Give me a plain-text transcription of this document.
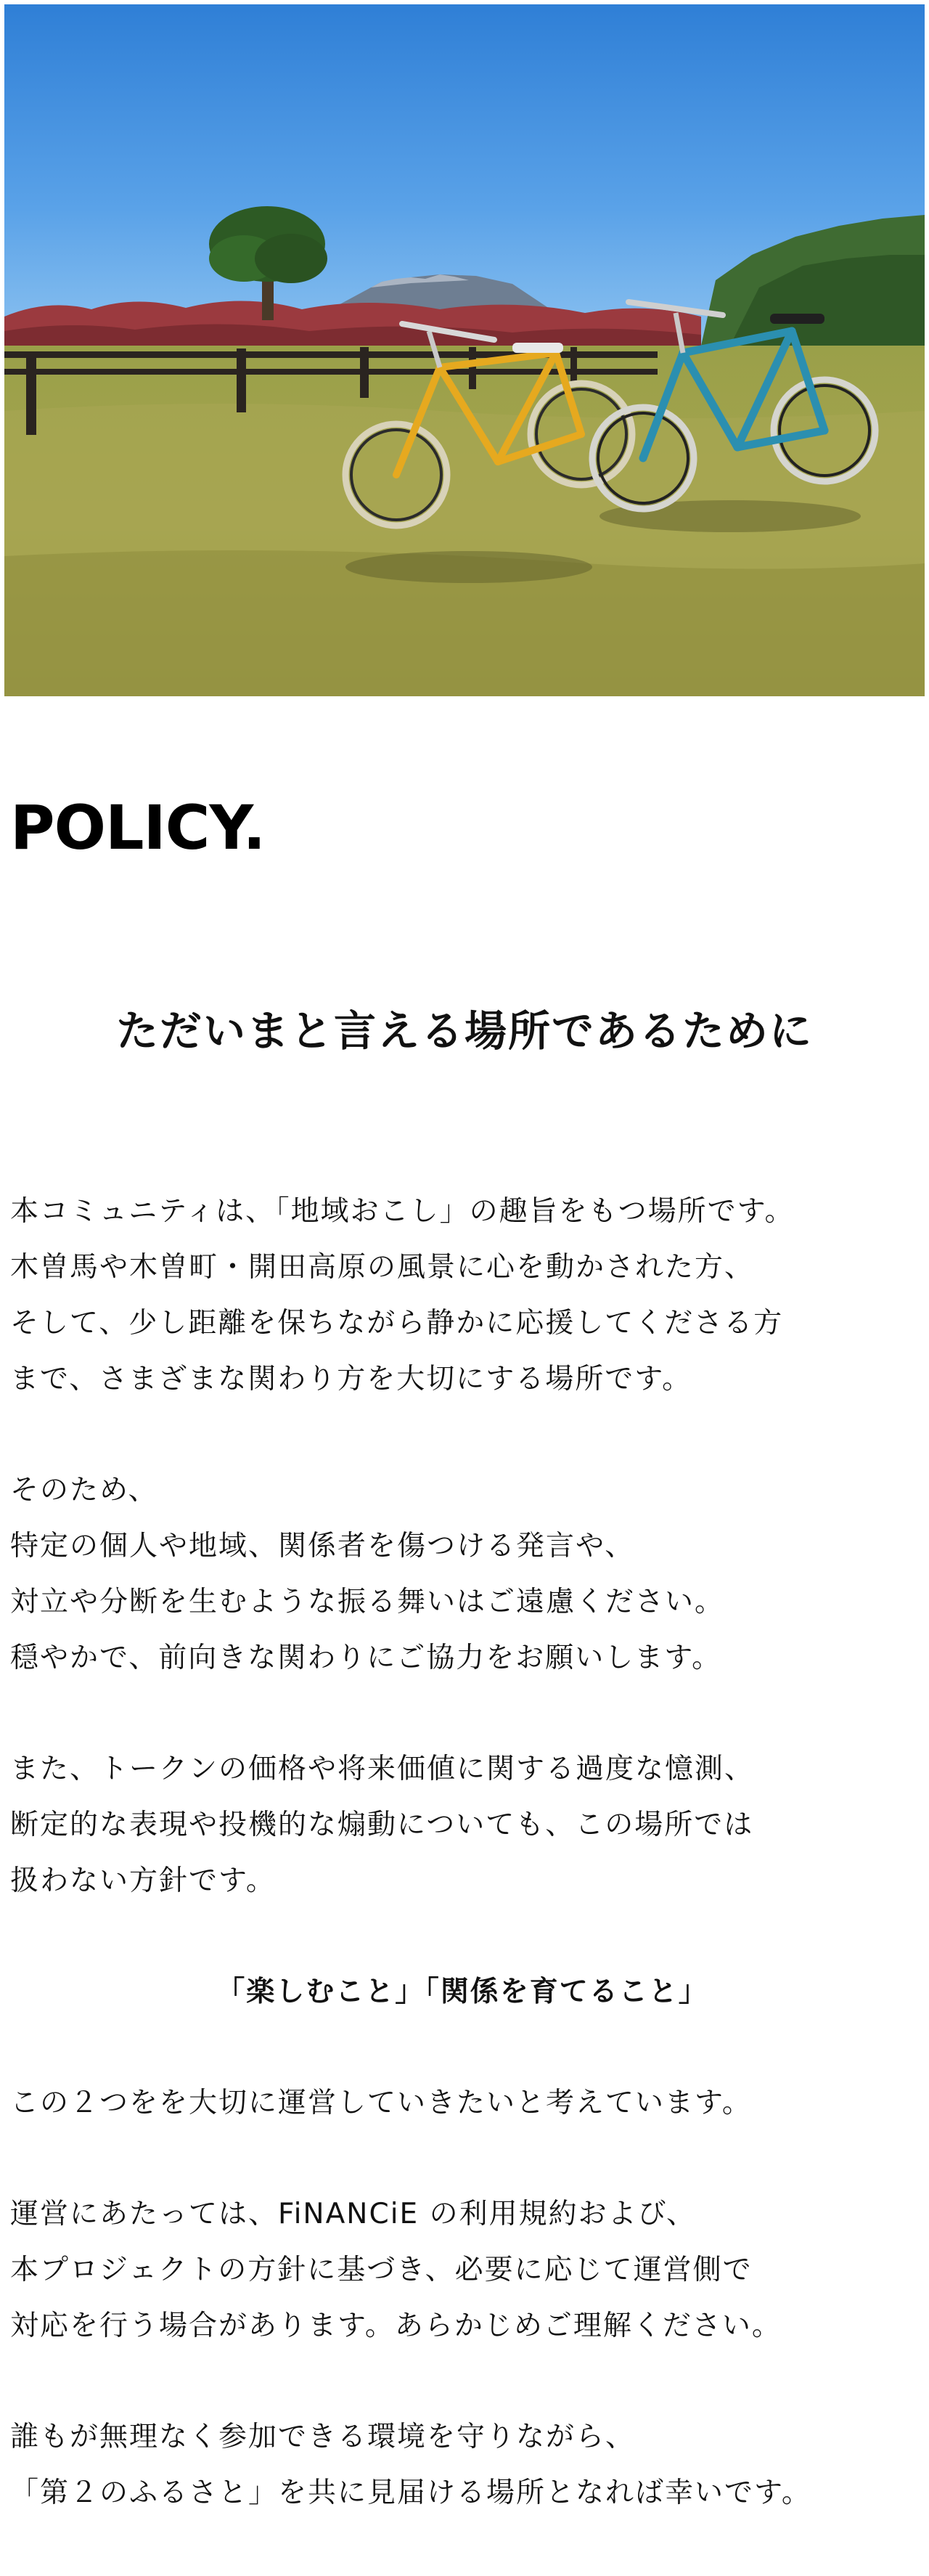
POLICY.
ただいまと言える場所であるために

本コミュニティは、「地域おこし」の趣旨をもつ場所です。
木曽馬や木曽町・開田高原の風景に心を動かされた方、
そして、少し距離を保ちながら静かに応援してくださる方
まで、さまざまな関わり方を大切にする場所です。

そのため、
特定の個人や地域、関係者を傷つける発言や、
対立や分断を生むような振る舞いはご遠慮ください。
穏やかで、前向きな関わりにご協力をお願いします。

また、トークンの価格や将来価値に関する過度な憶測、
断定的な表現や投機的な煽動についても、この場所では
扱わない方針です。

「楽しむこと」「関係を育てること」

この２つをを大切に運営していきたいと考えています。

運営にあたっては、FiNANCiE の利用規約および、
本プロジェクトの方針に基づき、必要に応じて運営側で
対応を行う場合があります。あらかじめご理解ください。

誰もが無理なく参加できる環境を守りながら、
「第２のふるさと」を共に見届ける場所となれば幸いです。
